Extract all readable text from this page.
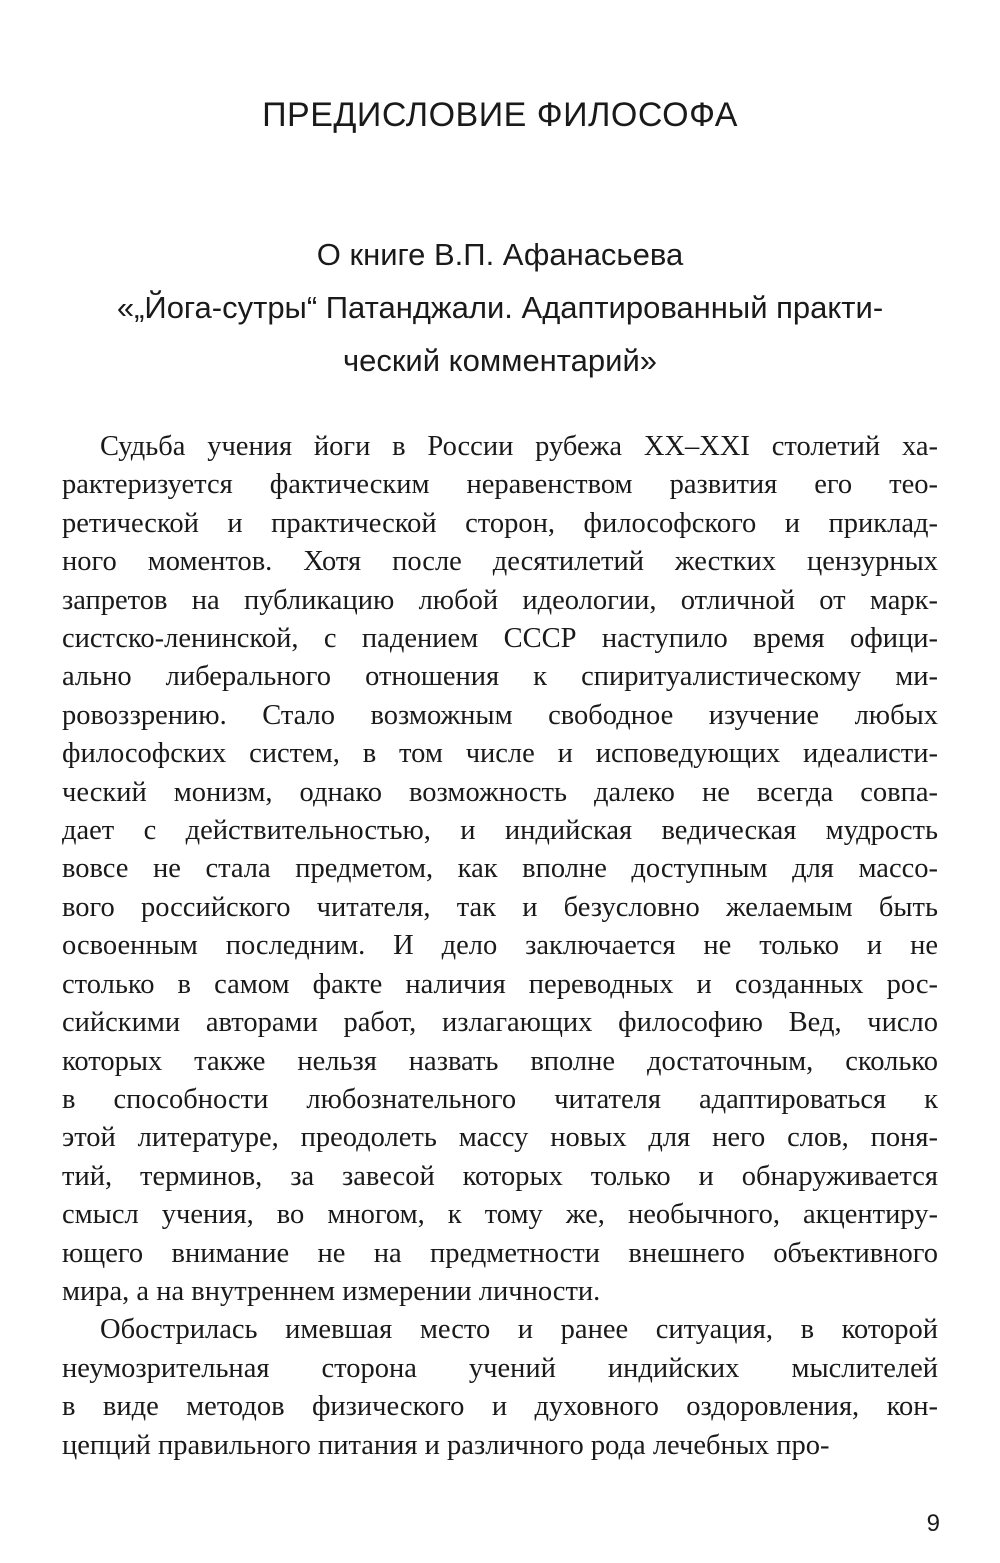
ПРЕДИСЛОВИЕ ФИЛОСОФА
О книге В.П. Афанасьева
«„Йога-сутры“ Патанджали. Адаптированный практи-
ческий комментарий»
Судьба учения йоги в России рубежа XX–XXI столетий ха-
рактеризуется фактическим неравенством развития его тео-
ретической и практической сторон, философского и приклад-
ного моментов. Хотя после десятилетий жестких цензурных
запретов на публикацию любой идеологии, отличной от марк-
систско-ленинской, с падением СССР наступило время офици-
ально либерального отношения к спиритуалистическому ми-
ровоззрению. Стало возможным свободное изучение любых
философских систем, в том числе и исповедующих идеалисти-
ческий монизм, однако возможность далеко не всегда совпа-
дает с действительностью, и индийская ведическая мудрость
вовсе не стала предметом, как вполне доступным для массо-
вого российского читателя, так и безусловно желаемым быть
освоенным последним. И дело заключается не только и не
столько в самом факте наличия переводных и созданных рос-
сийскими авторами работ, излагающих философию Вед, число
которых также нельзя назвать вполне достаточным, сколько
в способности любознательного читателя адаптироваться к
этой литературе, преодолеть массу новых для него слов, поня-
тий, терминов, за завесой которых только и обнаруживается
смысл учения, во многом, к тому же, необычного, акцентиру-
ющего внимание не на предметности внешнего объективного
мира, а на внутреннем измерении личности.
Обострилась имевшая место и ранее ситуация, в которой
неумозрительная сторона учений индийских мыслителей
в виде методов физического и духовного оздоровления, кон-
цепций правильного питания и различного рода лечебных про-
9
